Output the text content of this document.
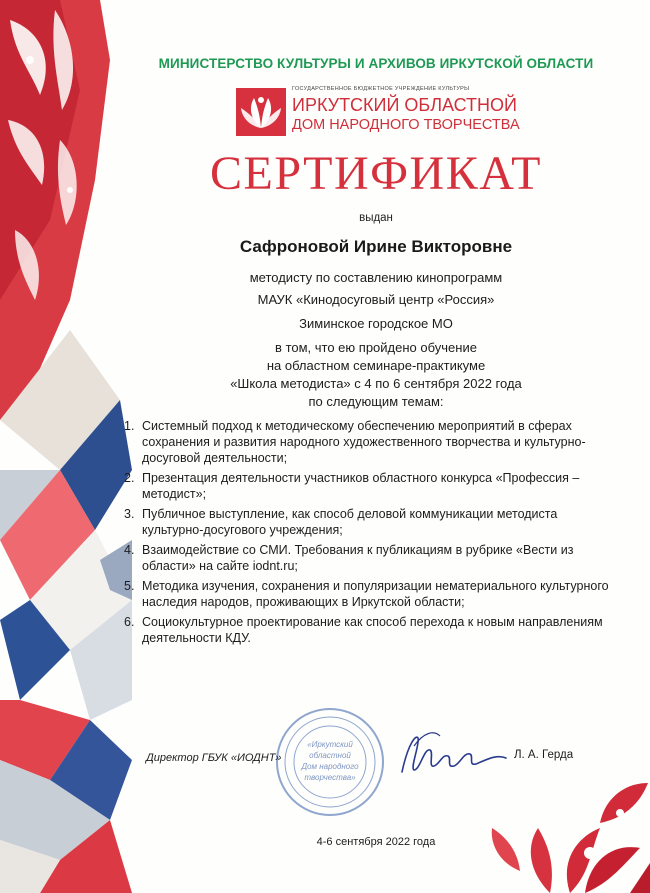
МИНИСТЕРСТВО КУЛЬТУРЫ И АРХИВОВ ИРКУТСКОЙ ОБЛАСТИ
ГОСУДАРСТВЕННОЕ БЮДЖЕТНОЕ УЧРЕЖДЕНИЕ КУЛЬТУРЫ
ИРКУТСКИЙ ОБЛАСТНОЙ
ДОМ НАРОДНОГО ТВОРЧЕСТВА
СЕРТИФИКАТ
выдан
Сафроновой Ирине Викторовне
методисту по составлению кинопрограмм
МАУК «Кинодосуговый центр «Россия»
Зиминское городское МО
в том, что ею пройдено обучение
на областном семинаре-практикуме
«Школа методиста» с 4 по 6 сентября 2022 года
по следующим темам:
1. Системный подход к методическому обеспечению мероприятий в сферах сохранения и развития народного художественного творчества и культурно-досуговой деятельности;
2. Презентация деятельности участников областного конкурса «Профессия – методист»;
3. Публичное выступление, как способ деловой коммуникации методиста культурно-досугового учреждения;
4. Взаимодействие со СМИ. Требования к публикациям в рубрике «Вести из области» на сайте iodnt.ru;
5. Методика изучения, сохранения и популяризации нематериального культурного наследия народов, проживающих в Иркутской области;
6. Социокультурное проектирование как способ перехода к новым направлениям деятельности КДУ.
«Иркутский
областной
Дом народного
творчества»
Директор ГБУК «ИОДНТ»	Л. А. Герда
4-6 сентября 2022 года
